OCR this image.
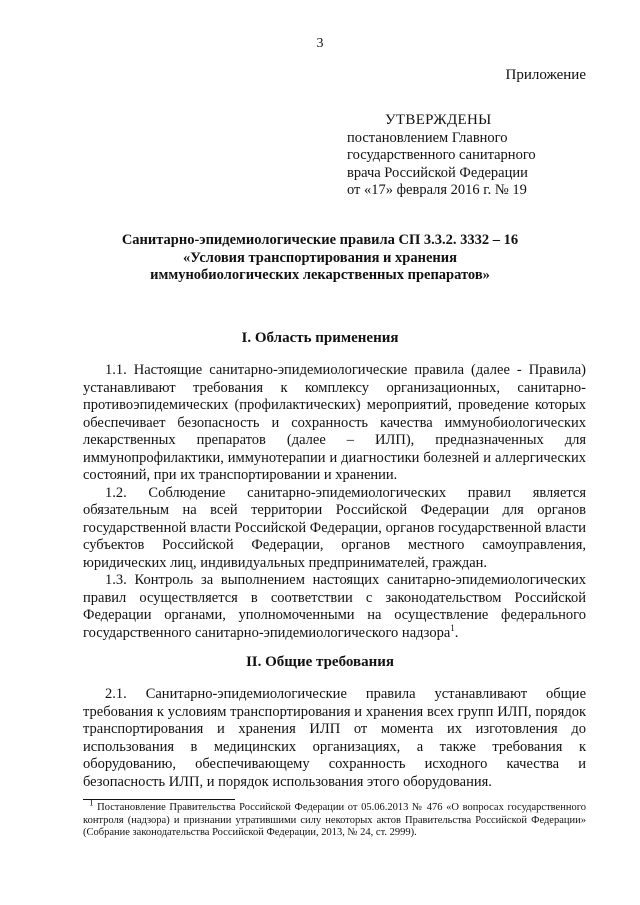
3
Приложение
УТВЕРЖДЕНЫ
постановлением Главного
государственного санитарного
врача Российской Федерации
от «17» февраля 2016 г. № 19
Санитарно-эпидемиологические правила СП 3.3.2. 3332 – 16
«Условия транспортирования и хранения
иммунобиологических лекарственных препаратов»
I. Область применения

1.1. Настоящие санитарно-эпидемиологические правила (далее - Правила) устанавливают требования к комплексу организационных, санитарно-противоэпидемических (профилактических) мероприятий, проведение которых обеспечивает безопасность и сохранность качества иммунобиологических лекарственных препаратов (далее – ИЛП), предназначенных для иммунопрофилактики, иммунотерапии и диагностики болезней и аллергических состояний, при их транспортировании и хранении.

1.2. Соблюдение санитарно-эпидемиологических правил является обязательным на всей территории Российской Федерации для органов государственной власти Российской Федерации, органов государственной власти субъектов Российской Федерации, органов местного самоуправления, юридических лиц, индивидуальных предпринимателей, граждан.

1.3. Контроль за выполнением настоящих санитарно-эпидемиологических правил осуществляется в соответствии с законодательством Российской Федерации органами, уполномоченными на осуществление федерального государственного санитарно-эпидемиологического надзора$^1$.

II. Общие требования

2.1. Санитарно-эпидемиологические правила устанавливают общие требования к условиям транспортирования и хранения всех групп ИЛП, порядок транспортирования и хранения ИЛП от момента их изготовления до использования в медицинских организациях, а также требования к оборудованию, обеспечивающему сохранность исходного качества и безопасность ИЛП, и порядок использования этого оборудования.

$^1$ Постановление Правительства Российской Федерации от 05.06.2013 № 476 «О вопросах государственного контроля (надзора) и признании утратившими силу некоторых актов Правительства Российской Федерации» (Собрание законодательства Российской Федерации, 2013, № 24, ст. 2999).
